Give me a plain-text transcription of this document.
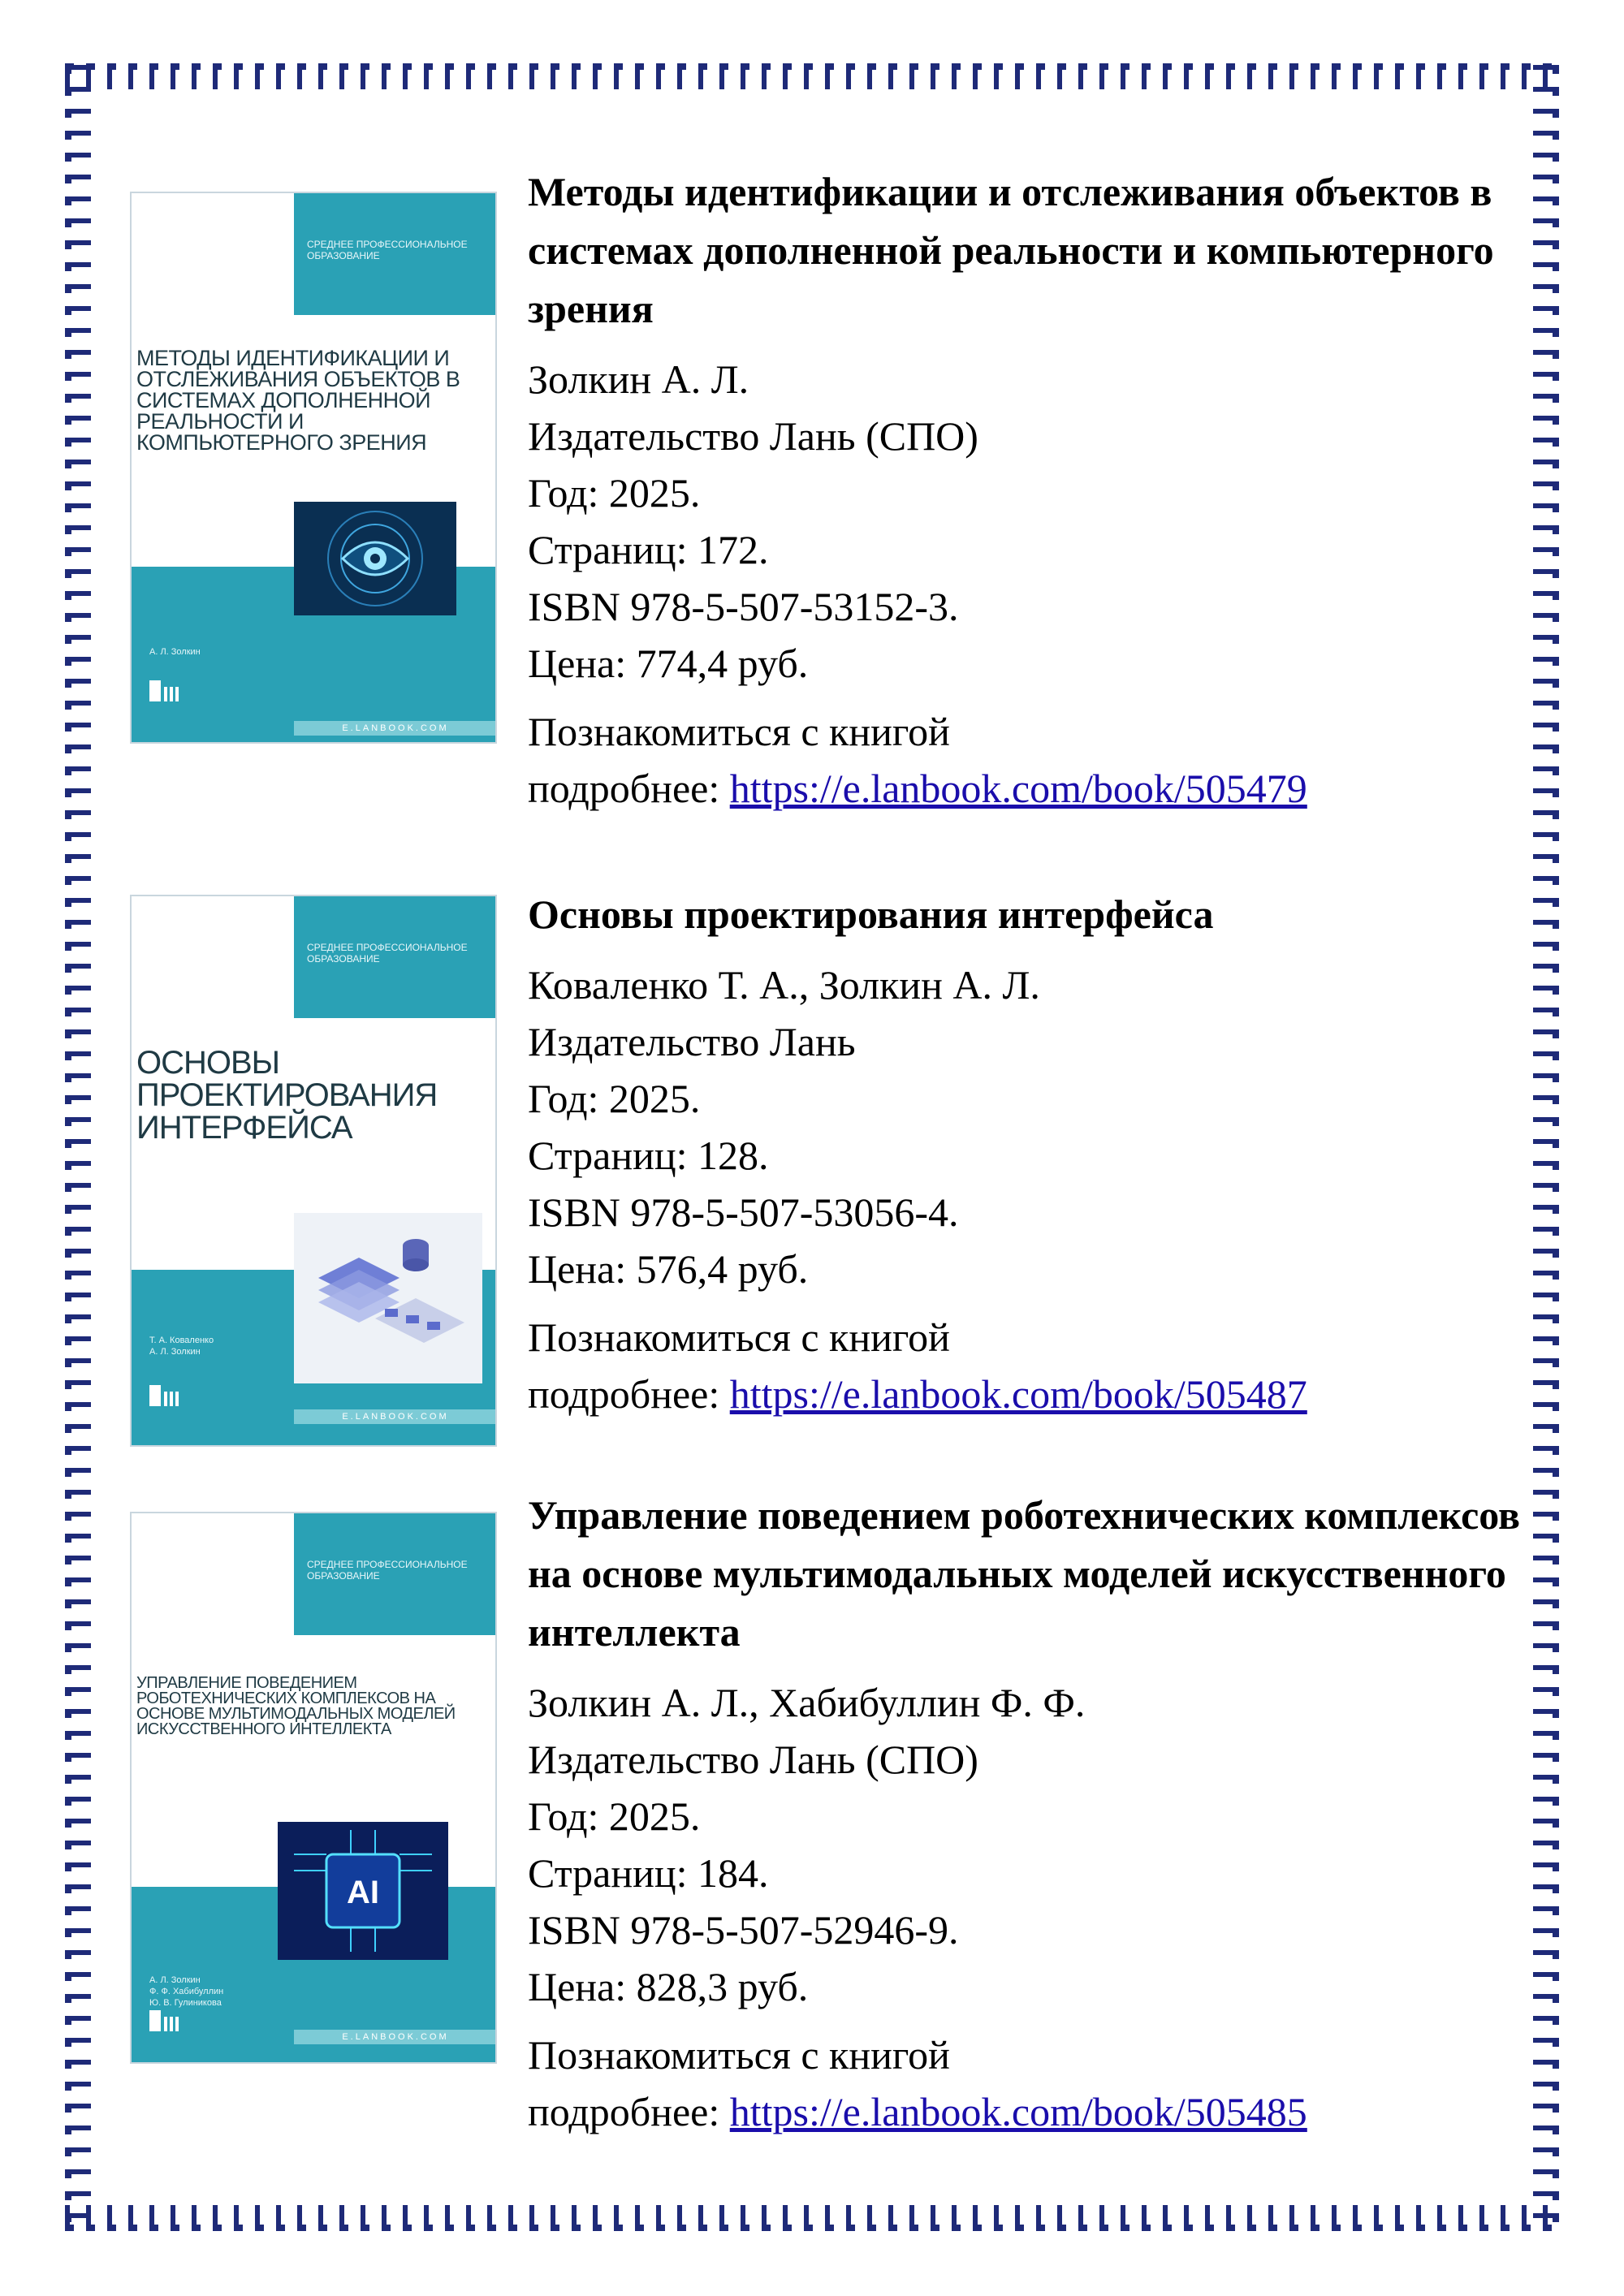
СРЕДНЕЕ ПРОФЕССИОНАЛЬНОЕ ОБРАЗОВАНИЕ
МЕТОДЫ ИДЕНТИФИКАЦИИ И ОТСЛЕЖИВАНИЯ ОБЪЕКТОВ В СИСТЕМАХ ДОПОЛНЕННОЙ РЕАЛЬНОСТИ И КОМПЬЮТЕРНОГО ЗРЕНИЯ
А. Л. Золкин
E.LANBOOK.COM

Методы идентификации и отслеживания объектов в системах дополненной реальности и компьютерного зрения

Золкин А. Л.
Издательство Лань (СПО)
Год: 2025.
Страниц: 172.
ISBN 978-5-507-53152-3.
Цена: 774,4 руб.
Познакомиться с книгой
подробнее: https://e.lanbook.com/book/505479
СРЕДНЕЕ ПРОФЕССИОНАЛЬНОЕ ОБРАЗОВАНИЕ
ОСНОВЫ ПРОЕКТИРОВАНИЯ ИНТЕРФЕЙСА
Т. А. Коваленко
А. Л. Золкин
E.LANBOOK.COM

Основы проектирования интерфейса

Коваленко Т. А., Золкин А. Л.
Издательство Лань
Год: 2025.
Страниц: 128.
ISBN 978-5-507-53056-4.
Цена: 576,4 руб.
Познакомиться с книгой
подробнее: https://e.lanbook.com/book/505487
СРЕДНЕЕ ПРОФЕССИОНАЛЬНОЕ ОБРАЗОВАНИЕ
УПРАВЛЕНИЕ ПОВЕДЕНИЕМ РОБОТЕХНИЧЕСКИХ КОМПЛЕКСОВ НА ОСНОВЕ МУЛЬТИМОДАЛЬНЫХ МОДЕЛЕЙ ИСКУССТВЕННОГО ИНТЕЛЛЕКТА
AI
А. Л. Золкин
Ф. Ф. Хабибуллин
Ю. В. Гулиникова
E.LANBOOK.COM

Управление поведением роботехнических комплексов на основе мультимодальных моделей искусственного интеллекта

Золкин А. Л., Хабибуллин Ф. Ф.
Издательство Лань (СПО)
Год: 2025.
Страниц: 184.
ISBN 978-5-507-52946-9.
Цена: 828,3 руб.
Познакомиться с книгой
подробнее: https://e.lanbook.com/book/505485
